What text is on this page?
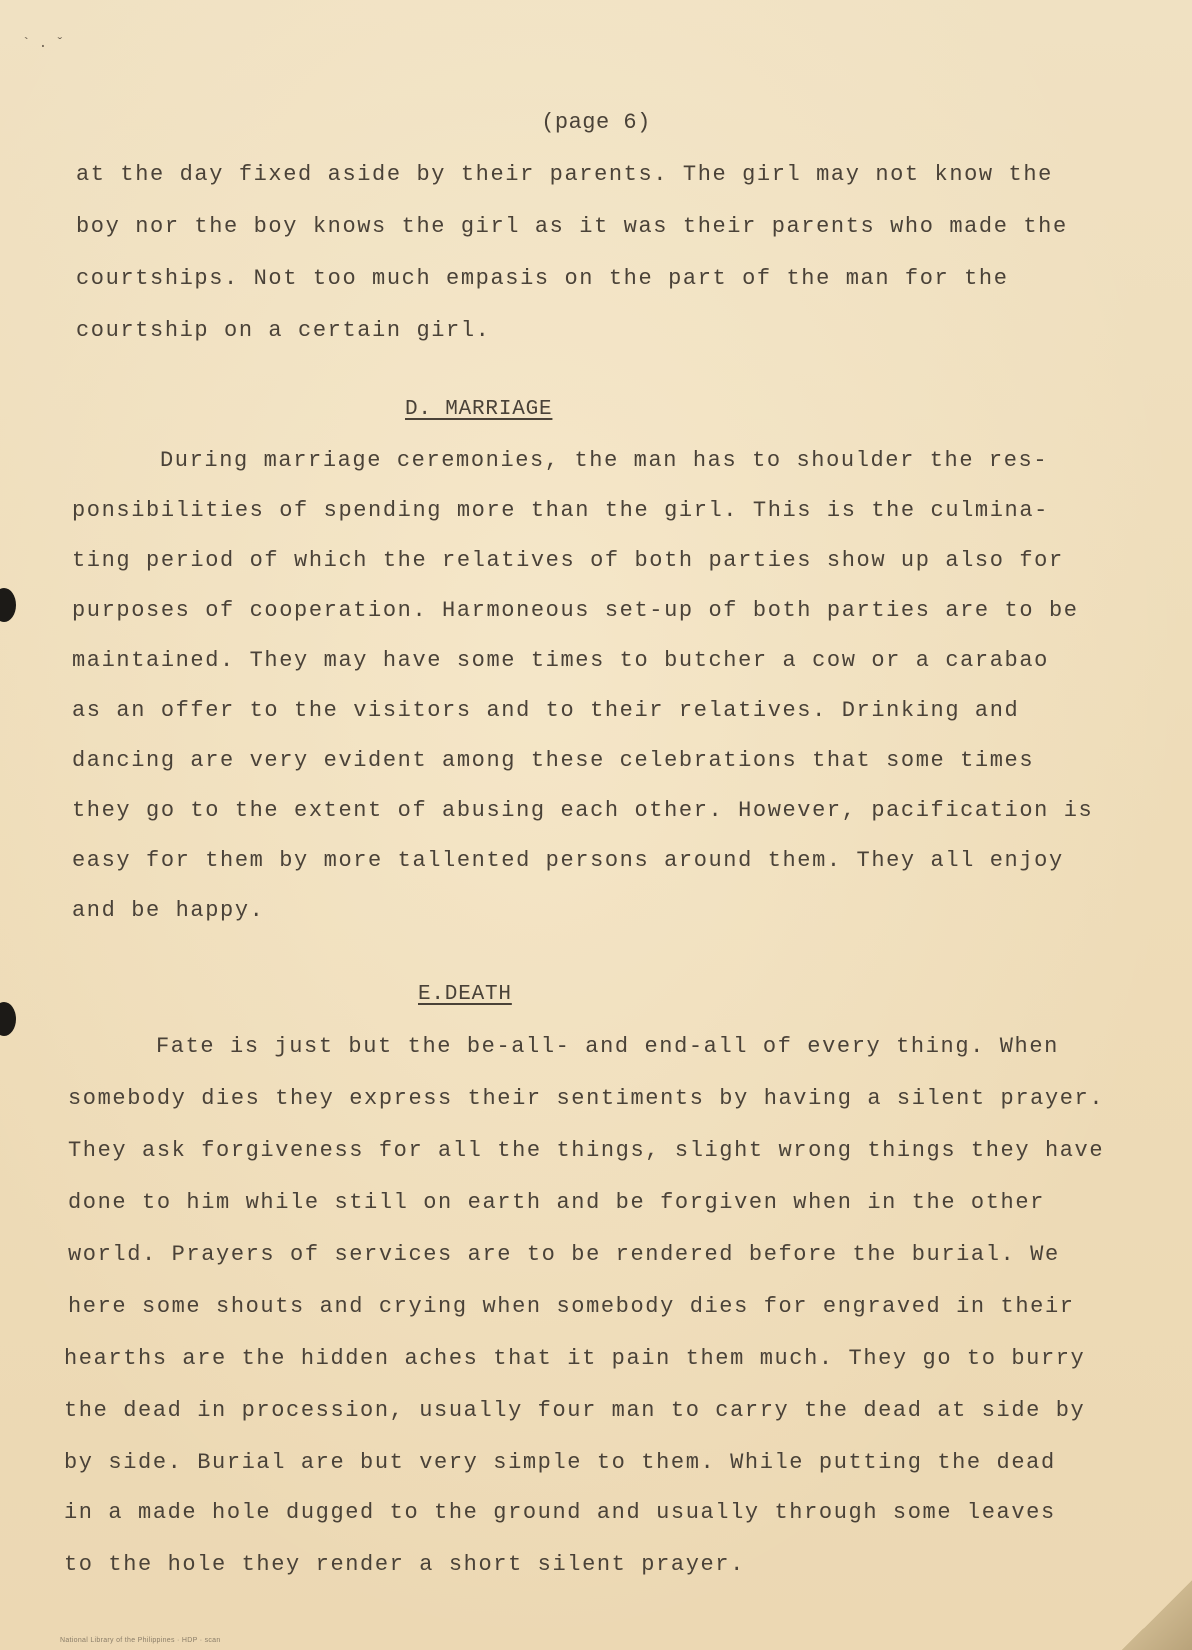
` . ˇ
(page 6)
at the day fixed aside by their parents. The girl may not know the
boy nor the boy knows the girl as it was their parents who made the
courtships. Not too much empasis on the part of the man for the
courtship on a certain girl.
D. MARRIAGE
During marriage ceremonies, the man has to shoulder the res-
ponsibilities of spending more than the girl. This is the culmina-
ting period of which the relatives of both parties show up also for
purposes of cooperation. Harmoneous set-up of both parties are to be
maintained. They may have some times to butcher a cow or a carabao
as an offer to the visitors and to their relatives. Drinking and
dancing are very evident among these celebrations that some times
they go to the extent of abusing each other. However, pacification is
easy for them by more tallented persons around them. They all enjoy
and be happy.
E.DEATH
Fate is just but the be-all- and end-all of every thing. When
somebody dies they express their sentiments by having a silent prayer.
They ask forgiveness for all the things, slight wrong things they have
done to him while still on earth and be forgiven when in the other
world. Prayers of services are to be rendered before the burial. We
here some shouts and crying when somebody dies for engraved in their
hearths are the hidden aches that it pain them much. They go to burry
the dead in procession, usually four man to carry the dead at side by
by side. Burial are but very simple to them. While putting the dead
in a made hole dugged to the ground and usually through some leaves
to the hole they render a short silent prayer.
National Library of the Philippines · HDP · scan
